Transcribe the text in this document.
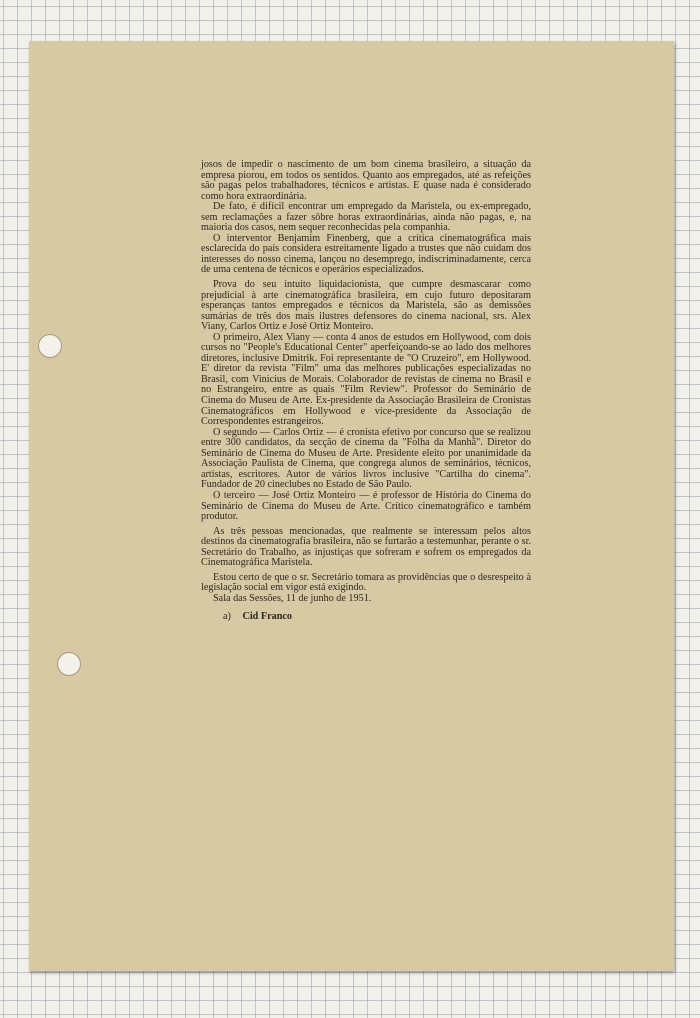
josos de impedir o nascimento de um bom cinema brasileiro, a situação da empresa piorou, em todos os sentidos. Quanto aos empregados, até as refeições são pagas pelos trabalhadores, técnicos e artistas. E quase nada é considerado como hora extraordinária.

De fato, é difícil encontrar um empregado da Maristela, ou ex-empregado, sem reclamações a fazer sôbre horas extraordinárias, ainda não pagas, e, na maioria dos casos, nem sequer reconhecidas pela companhia.

O interventor Benjamim Finenberg, que a crítica cinematográfica mais esclarecida do país considera estreitamente ligado a trustes que não cuidam dos interesses do nosso cinema, lançou no desemprego, indiscriminadamente, cerca de uma centena de técnicos e operários especializados.

Prova do seu intuito liquidacionista, que cumpre desmascarar como prejudicial à arte cinematográfica brasileira, em cujo futuro depositaram esperanças tantos empregados e técnicos da Maristela, são as demissões sumárias de três dos mais ilustres defensores do cinema nacional, srs. Alex Viany, Carlos Ortiz e José Ortiz Monteiro.

O primeiro, Alex Viany — conta 4 anos de estudos em Hollywood, com dois cursos no "People's Educational Center" aperfeiçoando-se ao lado dos melhores diretores, inclusive Dmitrik. Foi representante de "O Cruzeiro", em Hollywood. E' diretor da revista "Film" uma das melhores publicações especializadas no Brasil, com Vinicius de Morais. Colaborador de revistas de cinema no Brasil e no Estrangeiro, entre as quais "Film Review". Professor do Seminário de Cinema do Museu de Arte. Ex-presidente da Associação Brasileira de Cronistas Cinematográficos em Hollywood e vice-presidente da Associação de Correspondentes estrangeiros.

O segundo — Carlos Ortiz — é cronista efetivo por concurso que se realizou entre 300 candidatos, da secção de cinema da "Folha da Manhã". Diretor do Seminário de Cinema do Museu de Arte. Presidente eleito por unanimidade da Associação Paulista de Cinema, que congrega alunos de seminários, técnicos, artistas, escritores. Autor de vários livros inclusive "Cartilha do cinema". Fundador de 20 cineclubes no Estado de São Paulo.

O terceiro — José Ortiz Monteiro — é professor de História do Cinema do Seminário de Cinema do Museu de Arte. Crítico cinematográfico e também produtor.

As três pessoas mencionadas, que realmente se interessam pelos altos destinos da cinematografia brasileira, não se furtarão a testemunhar, perante o sr. Secretário do Trabalho, as injustiças que sofreram e sofrem os empregados da Cinematográfica Maristela.

Estou certo de que o sr. Secretário tomara as providências que o desrespeito à legislação social em vigor está exigindo.

Sala das Sessões, 11 de junho de 1951.

a) Cid Franco
